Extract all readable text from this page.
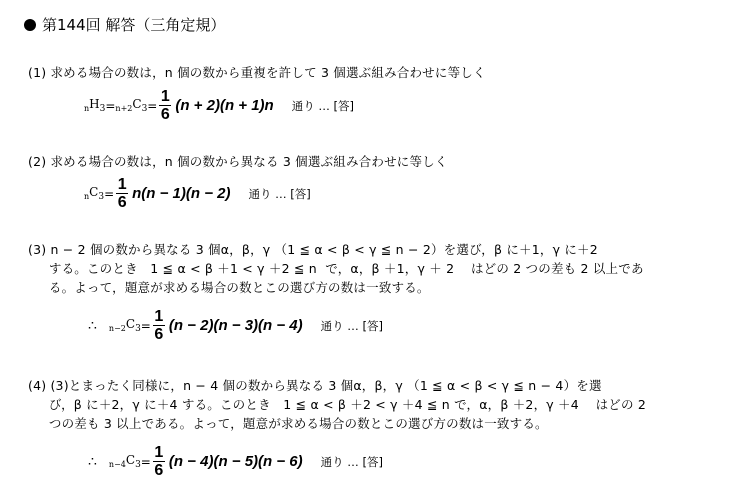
第144回 解答（三角定規）
(1) 求める場合の数は，n 個の数から重複を許して 3 個選ぶ組み合わせに等しく
$_nH_3 = _{n+2}C_3 = \frac{1}{6} (n + 2)(n + 1)n$ 通り … [答]
(2) 求める場合の数は，n 個の数から異なる 3 個選ぶ組み合わせに等しく
$_nC_3 = \frac{1}{6} n(n - 1)(n - 2)$ 通り … [答]
(3) n − 2 個の数から異なる 3 個α，β，γ （1 ≦ α < β < γ ≦ n − 2）を選び，β に＋1，γ に＋2
する。このとき   1 ≦ α < β ＋1 < γ ＋2 ≦ n  で，α，β ＋1，γ ＋ 2    はどの 2 つの差も 2 以上であ
る。よって，題意が求める場合の数とこの選び方の数は一致する。
∴ $_{n-2}C_3 = \frac{1}{6} (n - 2)(n - 3)(n - 4)$ 通り … [答]
(4) (3)とまったく同様に，n − 4 個の数から異なる 3 個α，β，γ （1 ≦ α < β < γ ≦ n − 4）を選
び，β に＋2，γ に＋4 する。このとき   1 ≦ α < β ＋2 < γ ＋4 ≦ n で，α，β ＋2，γ ＋4    はどの 2
つの差も 3 以上である。よって，題意が求める場合の数とこの選び方の数は一致する。
∴ $_{n-4}C_3 = \frac{1}{6} (n - 4)(n - 5)(n - 6)$ 通り … [答]
